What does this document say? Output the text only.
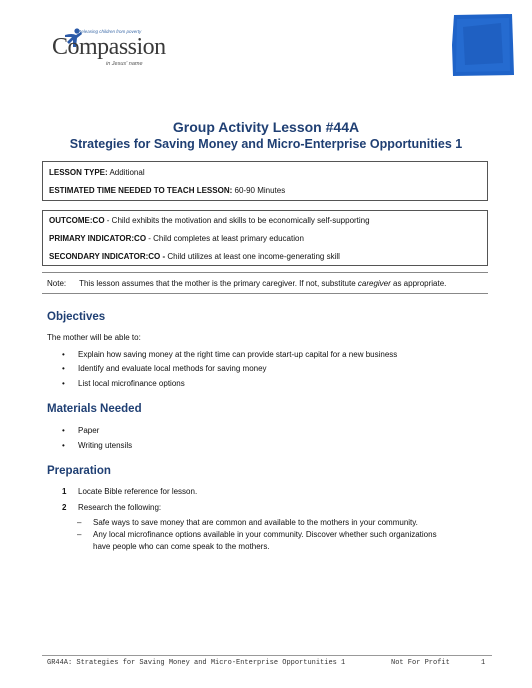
Releasing children from poverty
Compassion
in Jesus' name
Group Activity Lesson #44A
Strategies for Saving Money and Micro-Enterprise Opportunities 1
LESSON TYPE: Additional
ESTIMATED TIME NEEDED TO TEACH LESSON: 60-90 Minutes
OUTCOME:CO - Child exhibits the motivation and skills to be economically self-supporting
PRIMARY INDICATOR:CO - Child completes at least primary education
SECONDARY INDICATOR:CO - Child utilizes at least one income-generating skill
Note: This lesson assumes that the mother is the primary caregiver. If not, substitute caregiver as appropriate.
Objectives
The mother will be able to:
• Explain how saving money at the right time can provide start-up capital for a new business
• Identify and evaluate local methods for saving money
• List local microfinance options
Materials Needed
• Paper
• Writing utensils
Preparation
1 Locate Bible reference for lesson.
2 Research the following:
– Safe ways to save money that are common and available to the mothers in your community.
– Any local microfinance options available in your community. Discover whether such organizations
have people who can come speak to the mothers.
GR44A: Strategies for Saving Money and Micro-Enterprise Opportunities 1	Not For Profit	1
